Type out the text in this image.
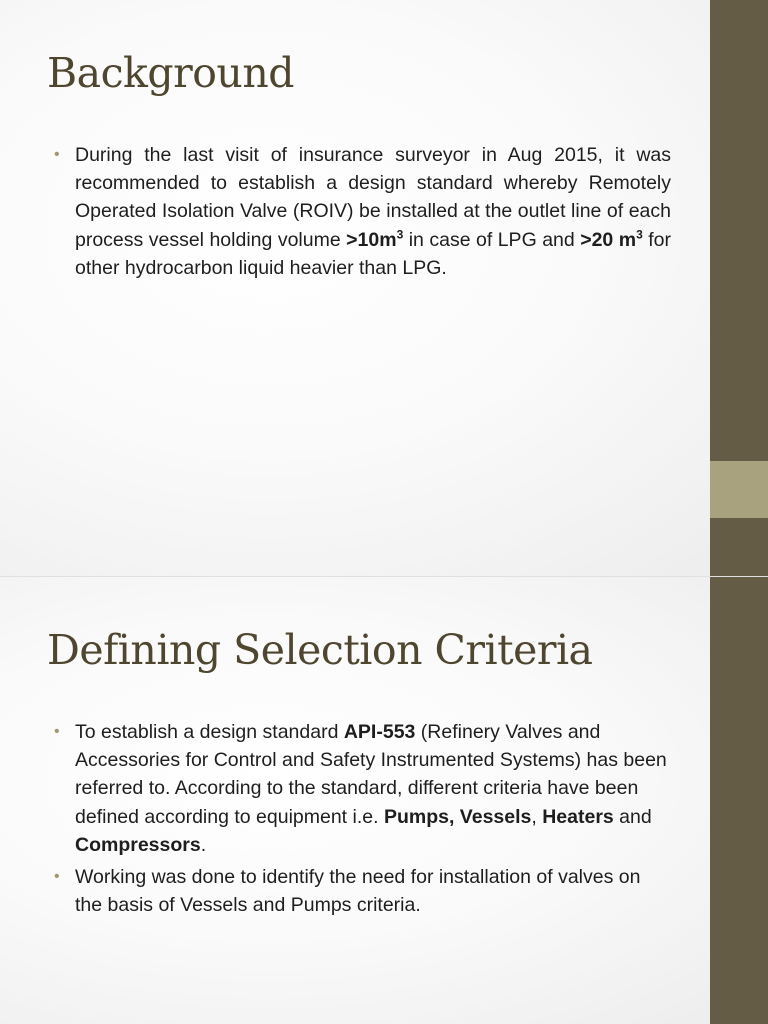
Background
• During the last visit of insurance surveyor in Aug 2015, it was recommended to establish a design standard whereby Remotely Operated Isolation Valve (ROIV) be installed at the outlet line of each process vessel holding volume $>10m^3$ in case of LPG and >20 $m^3$ for other hydrocarbon liquid heavier than LPG.
Defining Selection Criteria
• To establish a design standard API-553 (Refinery Valves and Accessories for Control and Safety Instrumented Systems) has been referred to. According to the standard, different criteria have been defined according to equipment i.e. Pumps, Vessels, Heaters and Compressors.
• Working was done to identify the need for installation of valves on the basis of Vessels and Pumps criteria.
